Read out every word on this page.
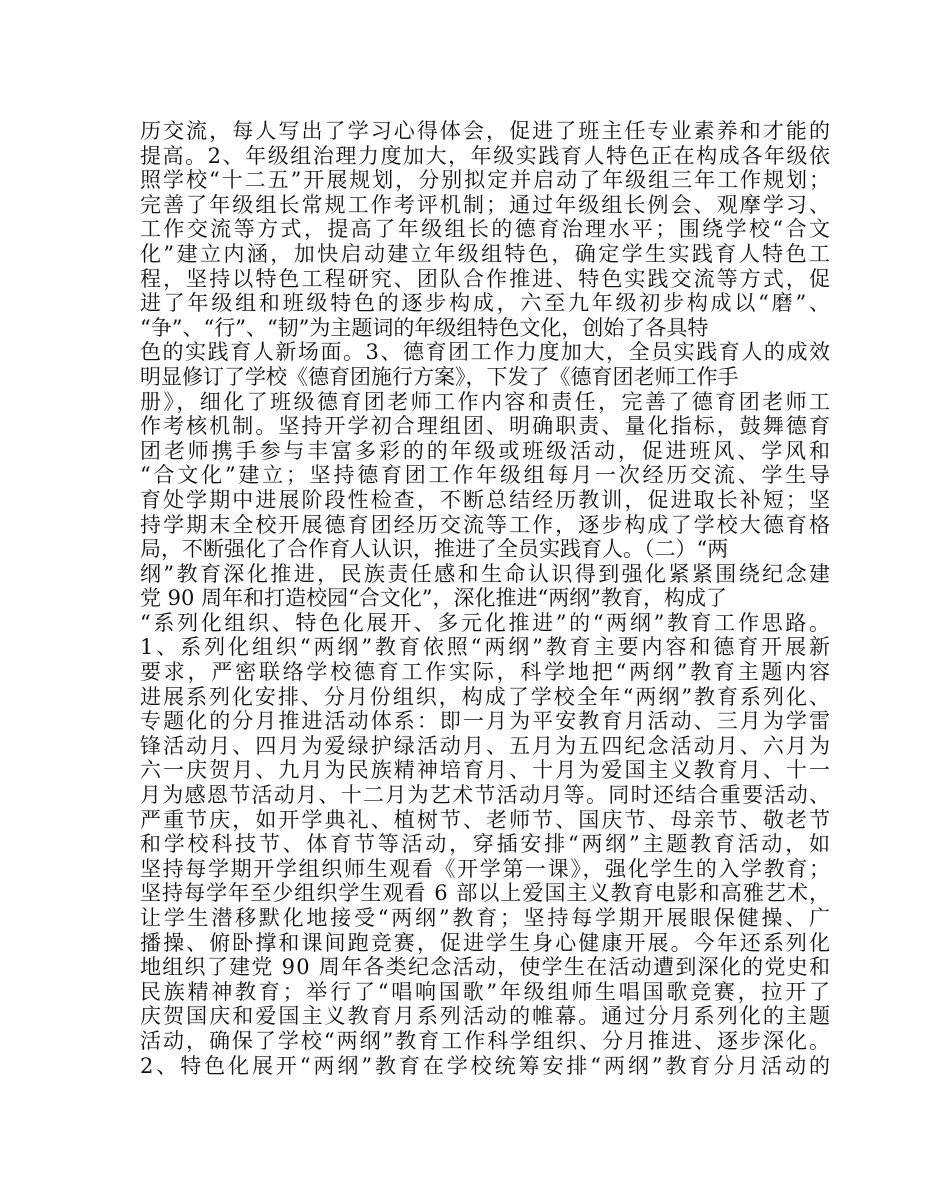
历交流，每人写出了学习心得体会，促进了班主任专业素养和才能的
提高。2、年级组治理力度加大，年级实践育人特色正在构成各年级依
照学校“十二五”开展规划，分别拟定并启动了年级组三年工作规划；
完善了年级组长常规工作考评机制；通过年级组长例会、观摩学习、
工作交流等方式，提高了年级组长的德育治理水平；围绕学校“合文
化”建立内涵，加快启动建立年级组特色，确定学生实践育人特色工
程，坚持以特色工程研究、团队合作推进、特色实践交流等方式，促
进了年级组和班级特色的逐步构成，六至九年级初步构成以“磨”、
“争”、“行”、“韧”为主题词的年级组特色文化，创始了各具特
色的实践育人新场面。3、德育团工作力度加大，全员实践育人的成效
明显修订了学校《德育团施行方案》，下发了《德育团老师工作手
册》，细化了班级德育团老师工作内容和责任，完善了德育团老师工
作考核机制。坚持开学初合理组团、明确职责、量化指标，鼓舞德育
团老师携手参与丰富多彩的的年级或班级活动，促进班风、学风和
“合文化”建立；坚持德育团工作年级组每月一次经历交流、学生导
育处学期中进展阶段性检查，不断总结经历教训，促进取长补短；坚
持学期末全校开展德育团经历交流等工作，逐步构成了学校大德育格
局，不断强化了合作育人认识，推进了全员实践育人。（二）“两
纲”教育深化推进，民族责任感和生命认识得到强化紧紧围绕纪念建
党 90 周年和打造校园“合文化”，深化推进“两纲”教育，构成了
“系列化组织、特色化展开、多元化推进”的“两纲”教育工作思路。
1、系列化组织“两纲”教育依照“两纲”教育主要内容和德育开展新
要求，严密联络学校德育工作实际，科学地把“两纲”教育主题内容
进展系列化安排、分月份组织，构成了学校全年“两纲”教育系列化、
专题化的分月推进活动体系：即一月为平安教育月活动、三月为学雷
锋活动月、四月为爱绿护绿活动月、五月为五四纪念活动月、六月为
六一庆贺月、九月为民族精神培育月、十月为爱国主义教育月、十一
月为感恩节活动月、十二月为艺术节活动月等。同时还结合重要活动、
严重节庆，如开学典礼、植树节、老师节、国庆节、母亲节、敬老节
和学校科技节、体育节等活动，穿插安排“两纲”主题教育活动，如
坚持每学期开学组织师生观看《开学第一课》，强化学生的入学教育；
坚持每学年至少组织学生观看 6 部以上爱国主义教育电影和高雅艺术，
让学生潜移默化地接受“两纲”教育；坚持每学期开展眼保健操、广
播操、俯卧撑和课间跑竞赛，促进学生身心健康开展。今年还系列化
地组织了建党 90 周年各类纪念活动，使学生在活动遭到深化的党史和
民族精神教育；举行了“唱响国歌”年级组师生唱国歌竞赛，拉开了
庆贺国庆和爱国主义教育月系列活动的帷幕。通过分月系列化的主题
活动，确保了学校“两纲”教育工作科学组织、分月推进、逐步深化。
2、特色化展开“两纲”教育在学校统筹安排“两纲”教育分月活动的
